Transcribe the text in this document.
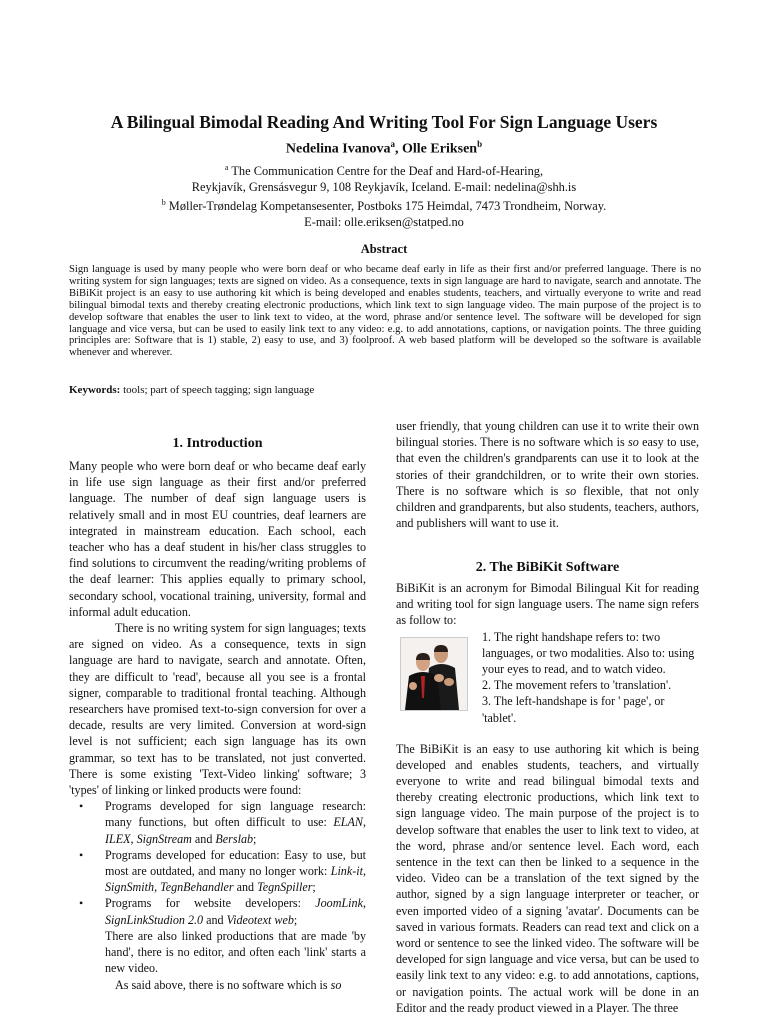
A Bilingual Bimodal Reading And Writing Tool For Sign Language Users
Nedelina Ivanova$^a$, Olle Eriksen$^b$
$^a$ The Communication Centre for the Deaf and Hard-of-Hearing,
Reykjavík, Grensásvegur 9, 108 Reykjavík, Iceland. E-mail: nedelina@shh.is
$^b$ Møller-Trøndelag Kompetansesenter, Postboks 175 Heimdal, 7473 Trondheim, Norway.
E-mail: olle.eriksen@statped.no
Abstract
Sign language is used by many people who were born deaf or who became deaf early in life as their first and/or preferred language. There is no writing system for sign languages; texts are signed on video. As a consequence, texts in sign language are hard to navigate, search and annotate. The BiBiKit project is an easy to use authoring kit which is being developed and enables students, teachers, and virtually everyone to write and read bilingual bimodal texts and thereby creating electronic productions, which link text to sign language video. The main purpose of the project is to develop software that enables the user to link text to video, at the word, phrase and/or sentence level. The software will be developed for sign language and vice versa, but can be used to easily link text to any video: e.g. to add annotations, captions, or navigation points. The three guiding principles are: Software that is 1) stable, 2) easy to use, and 3) foolproof. A web based platform will be developed so the software is available whenever and wherever.
Keywords: tools; part of speech tagging; sign language
1. Introduction

Many people who were born deaf or who became deaf early in life use sign language as their first and/or preferred language. The number of deaf sign language users is relatively small and in most EU countries, deaf learners are integrated in mainstream education. Each school, each teacher who has a deaf student in his/her class struggles to find solutions to circumvent the reading/writing problems of the deaf learner: This applies equally to primary school, secondary school, vocational training, university, formal and informal adult education.

There is no writing system for sign languages; texts are signed on video. As a consequence, texts in sign language are hard to navigate, search and annotate. Often, they are difficult to 'read', because all you see is a frontal signer, comparable to traditional frontal teaching. Although researchers have promised text-to-sign conversion for over a decade, results are very limited. Conversion at word-sign level is not sufficient; each sign language has its own grammar, so text has to be translated, not just converted. There is some existing 'Text-Video linking' software; 3 'types' of linking or linked products were found:

• Programs developed for sign language research: many functions, but often difficult to use: ELAN, ILEX, SignStream and Berslab;
• Programs developed for education: Easy to use, but most are outdated, and many no longer work: Link-it, SignSmith, TegnBehandler and TegnSpiller;
• Programs for website developers: JoomLink, SignLinkStudion 2.0 and Videotext web;

There are also linked productions that are made 'by hand', there is no editor, and often each 'link' starts a new video.

As said above, there is no software which is so

user friendly, that young children can use it to write their own bilingual stories. There is no software which is so easy to use, that even the children's grandparents can use it to look at the stories of their grandchildren, or to write their own stories. There is no software which is so flexible, that not only children and grandparents, but also students, teachers, authors, and publishers will want to use it.

2. The BiBiKit Software

BiBiKit is an acronym for Bimodal Bilingual Kit for reading and writing tool for sign language users. The name sign refers as follow to:

1. The right handshape refers to: two languages, or two modalities. Also to: using your eyes to read, and to watch video.

2. The movement refers to 'translation'.

3. The left-handshape is for ' page', or 'tablet'.

The BiBiKit is an easy to use authoring kit which is being developed and enables students, teachers, and virtually everyone to write and read bilingual bimodal texts and thereby creating electronic productions, which link text to sign language video. The main purpose of the project is to develop software that enables the user to link text to video, at the word, phrase and/or sentence level. Each word, each sentence in the text can then be linked to a sequence in the video. Video can be a translation of the text signed by the author, signed by a sign language interpreter or teacher, or even imported video of a signing 'avatar'. Documents can be saved in various formats. Readers can read text and click on a word or sentence to see the linked video. The software will be developed for sign language and vice versa, but can be used to easily link text to any video: e.g. to add annotations, captions, or navigation points. The actual work will be done in an Editor and the ready product viewed in a Player. The three
